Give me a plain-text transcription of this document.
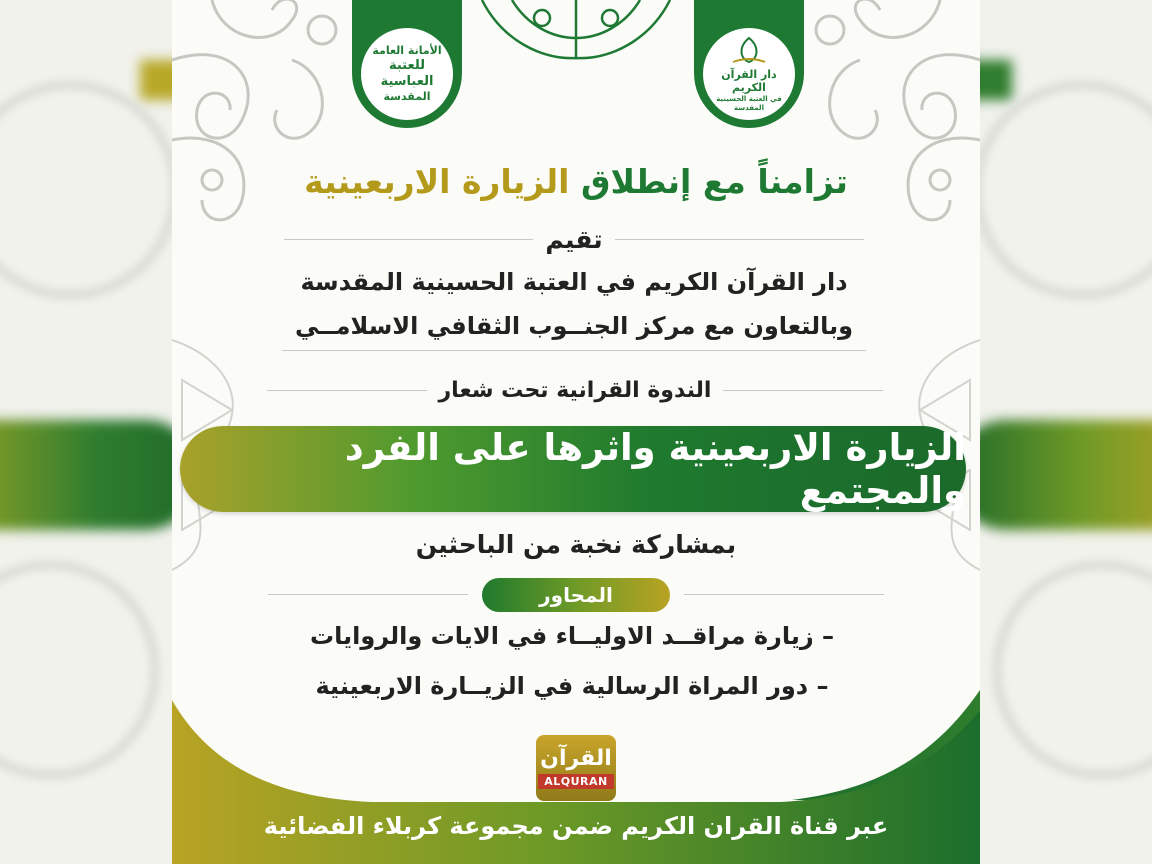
الأمانة العامة
للعتبة العباسية
المقدسة
دار القرآن الكريم
في العتبة الحسينية المقدسة
تزامناً مع إنطلاق الزيارة الاربعينية
تقيم
دار القرآن الكريم في العتبة الحسينية المقدسة
وبالتعاون مع مركز الجنــوب الثقافي الاسلامــي
الندوة القرانية تحت شعار
الزيارة الاربعينية واثرها على الفرد والمجتمع
بمشاركة نخبة من الباحثين
المحاور
– زيارة مراقــد الاوليــاء في الايات والروايات
– دور المراة الرسالية في الزيــارة الاربعينية
القرآن
ALQURAN
عبر قناة القران الكريم ضمن مجموعة كربلاء الفضائية
